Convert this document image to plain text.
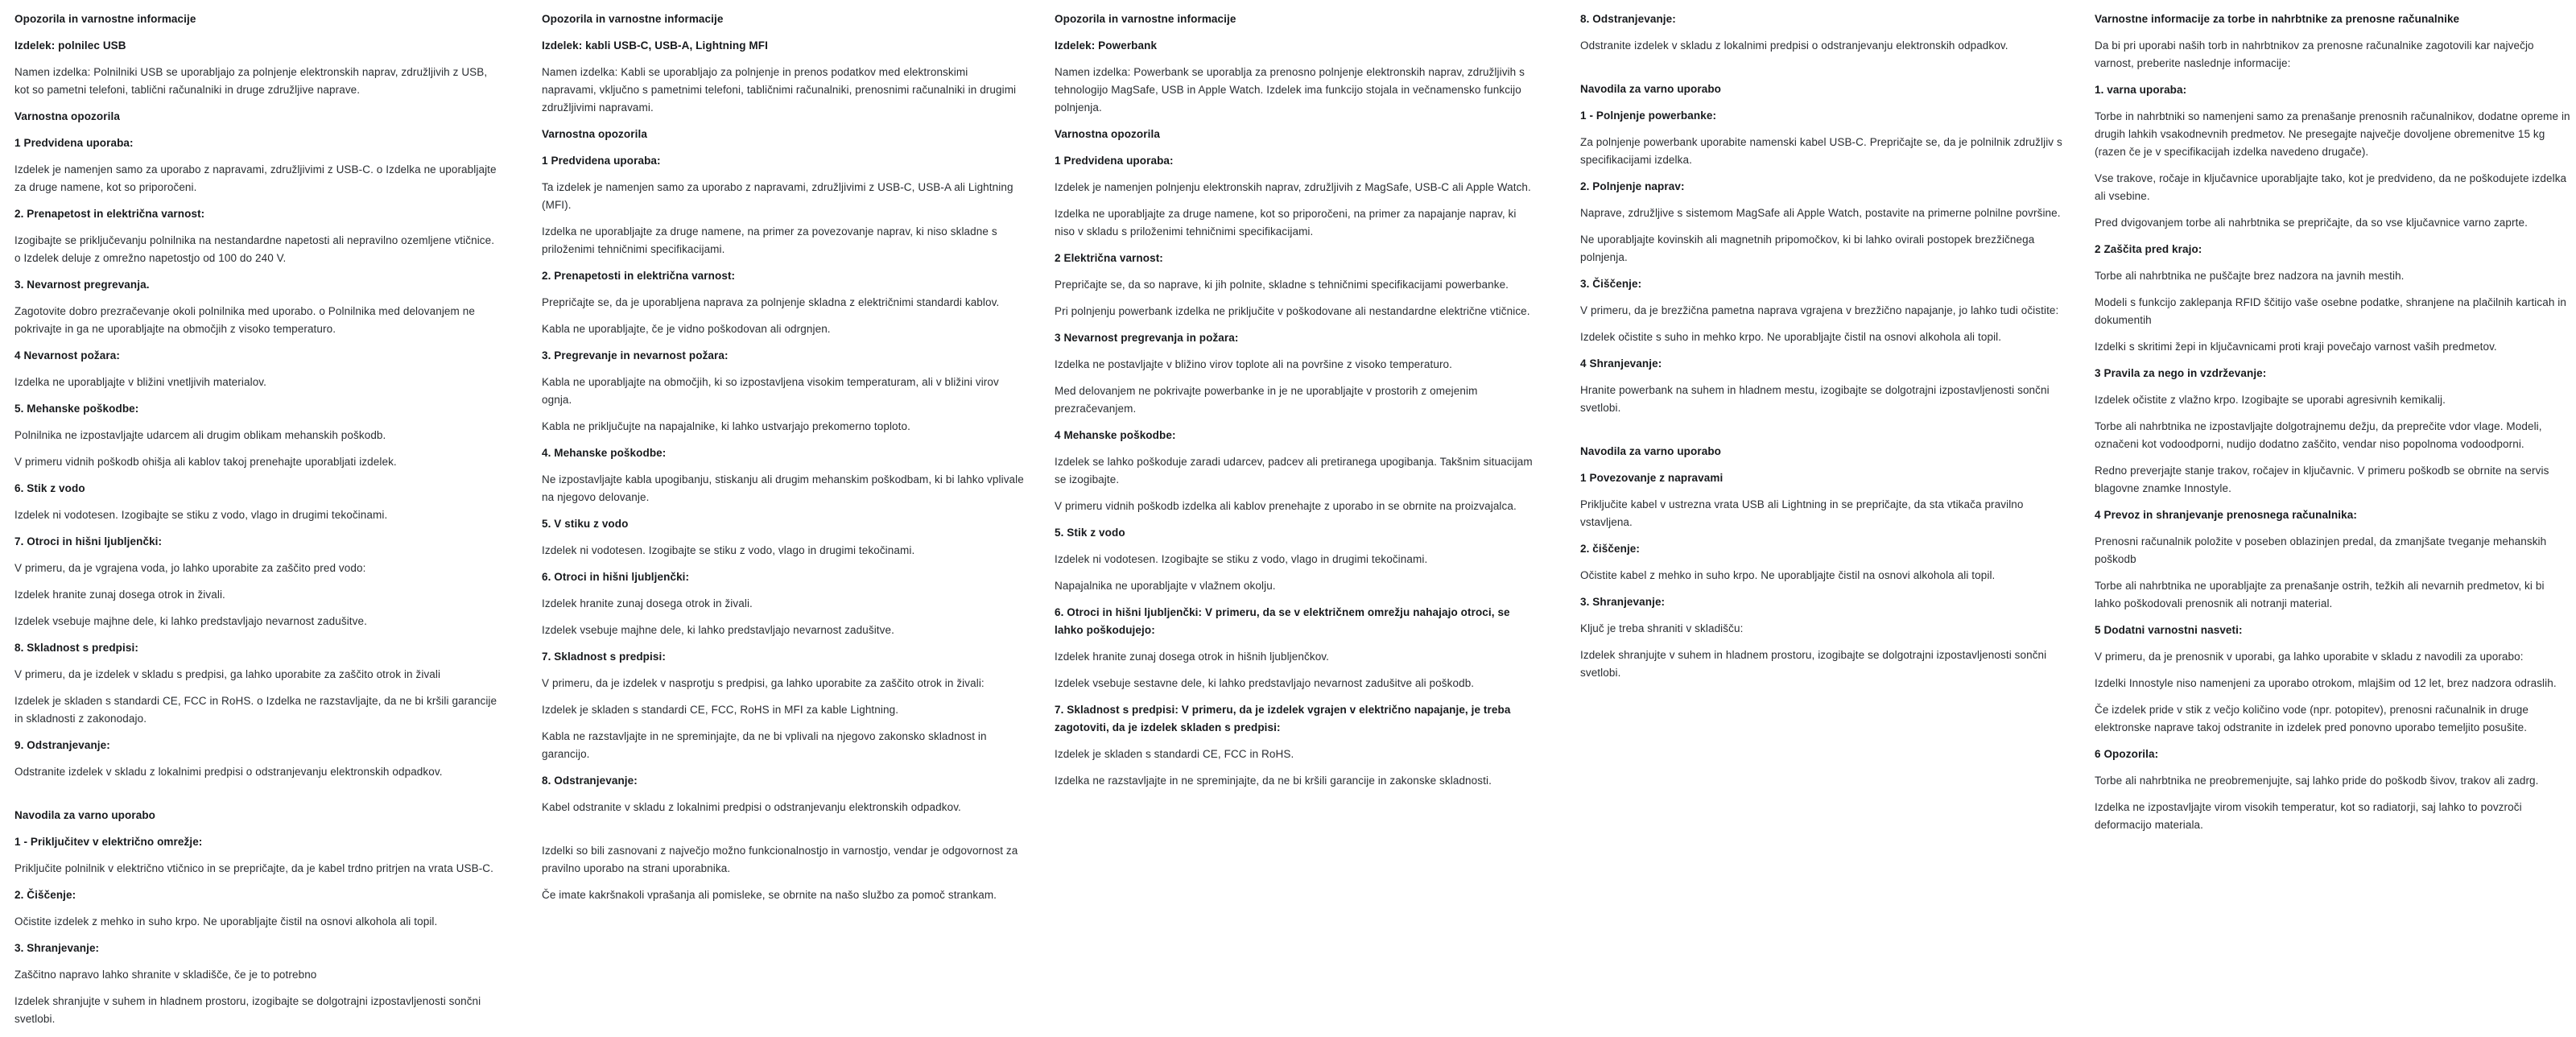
Opozorila in varnostne informacije
Izdelek: polnilec USB
Namen izdelka: Polnilniki USB se uporabljajo za polnjenje elektronskih naprav, združljivih z USB, kot so pametni telefoni, tablični računalniki in druge združljive naprave.
Varnostna opozorila
1 Predvidena uporaba:
Izdelek je namenjen samo za uporabo z napravami, združljivimi z USB-C. o Izdelka ne uporabljajte za druge namene, kot so priporočeni.
2. Prenapetost in električna varnost:
Izogibajte se priključevanju polnilnika na nestandardne napetosti ali nepravilno ozemljene vtičnice. o Izdelek deluje z omrežno napetostjo od 100 do 240 V.
3. Nevarnost pregrevanja.
Zagotovite dobro prezračevanje okoli polnilnika med uporabo. o Polnilnika med delovanjem ne pokrivajte in ga ne uporabljajte na območjih z visoko temperaturo.
4 Nevarnost požara:
Izdelka ne uporabljajte v bližini vnetljivih materialov.
5. Mehanske poškodbe:
Polnilnika ne izpostavljajte udarcem ali drugim oblikam mehanskih poškodb.
V primeru vidnih poškodb ohišja ali kablov takoj prenehajte uporabljati izdelek.
6. Stik z vodo
Izdelek ni vodotesen. Izogibajte se stiku z vodo, vlago in drugimi tekočinami.
7. Otroci in hišni ljubljenčki:
V primeru, da je vgrajena voda, jo lahko uporabite za zaščito pred vodo:
Izdelek hranite zunaj dosega otrok in živali.
Izdelek vsebuje majhne dele, ki lahko predstavljajo nevarnost zadušitve.
8. Skladnost s predpisi:
V primeru, da je izdelek v skladu s predpisi, ga lahko uporabite za zaščito otrok in živali
Izdelek je skladen s standardi CE, FCC in RoHS. o Izdelka ne razstavljajte, da ne bi kršili garancije in skladnosti z zakonodajo.
9. Odstranjevanje:
Odstranite izdelek v skladu z lokalnimi predpisi o odstranjevanju elektronskih odpadkov.
Navodila za varno uporabo
1 - Priključitev v električno omrežje:
Priključite polnilnik v električno vtičnico in se prepričajte, da je kabel trdno pritrjen na vrata USB-C.
2. Čiščenje:
Očistite izdelek z mehko in suho krpo. Ne uporabljajte čistil na osnovi alkohola ali topil.
3. Shranjevanje:
Zaščitno napravo lahko shranite v skladišče, če je to potrebno
Izdelek shranjujte v suhem in hladnem prostoru, izogibajte se dolgotrajni izpostavljenosti sončni svetlobi.
Opozorila in varnostne informacije
Izdelek: kabli USB-C, USB-A, Lightning MFI
Namen izdelka: Kabli se uporabljajo za polnjenje in prenos podatkov med elektronskimi napravami, vključno s pametnimi telefoni, tabličnimi računalniki, prenosnimi računalniki in drugimi združljivimi napravami.
Varnostna opozorila
1 Predvidena uporaba:
Ta izdelek je namenjen samo za uporabo z napravami, združljivimi z USB-C, USB-A ali Lightning (MFI).
Izdelka ne uporabljajte za druge namene, na primer za povezovanje naprav, ki niso skladne s priloženimi tehničnimi specifikacijami.
2. Prenapetosti in električna varnost:
Prepričajte se, da je uporabljena naprava za polnjenje skladna z električnimi standardi kablov.
Kabla ne uporabljajte, če je vidno poškodovan ali odrgnjen.
3. Pregrevanje in nevarnost požara:
Kabla ne uporabljajte na območjih, ki so izpostavljena visokim temperaturam, ali v bližini virov ognja.
Kabla ne priključujte na napajalnike, ki lahko ustvarjajo prekomerno toploto.
4. Mehanske poškodbe:
Ne izpostavljajte kabla upogibanju, stiskanju ali drugim mehanskim poškodbam, ki bi lahko vplivale na njegovo delovanje.
5. V stiku z vodo
Izdelek ni vodotesen. Izogibajte se stiku z vodo, vlago in drugimi tekočinami.
6. Otroci in hišni ljubljenčki:
Izdelek hranite zunaj dosega otrok in živali.
Izdelek vsebuje majhne dele, ki lahko predstavljajo nevarnost zadušitve.
7. Skladnost s predpisi:
V primeru, da je izdelek v nasprotju s predpisi, ga lahko uporabite za zaščito otrok in živali:
Izdelek je skladen s standardi CE, FCC, RoHS in MFI za kable Lightning.
Kabla ne razstavljajte in ne spreminjajte, da ne bi vplivali na njegovo zakonsko skladnost in garancijo.
8. Odstranjevanje:
Kabel odstranite v skladu z lokalnimi predpisi o odstranjevanju elektronskih odpadkov.
Izdelki so bili zasnovani z največjo možno funkcionalnostjo in varnostjo, vendar je odgovornost za pravilno uporabo na strani uporabnika.
Če imate kakršnakoli vprašanja ali pomisleke, se obrnite na našo službo za pomoč strankam.
Opozorila in varnostne informacije
Izdelek: Powerbank
Namen izdelka: Powerbank se uporablja za prenosno polnjenje elektronskih naprav, združljivih s tehnologijo MagSafe, USB in Apple Watch. Izdelek ima funkcijo stojala in večnamensko funkcijo polnjenja.
Varnostna opozorila
1 Predvidena uporaba:
Izdelek je namenjen polnjenju elektronskih naprav, združljivih z MagSafe, USB-C ali Apple Watch.
Izdelka ne uporabljajte za druge namene, kot so priporočeni, na primer za napajanje naprav, ki niso v skladu s priloženimi tehničnimi specifikacijami.
2 Električna varnost:
Prepričajte se, da so naprave, ki jih polnite, skladne s tehničnimi specifikacijami powerbanke.
Pri polnjenju powerbank izdelka ne priključite v poškodovane ali nestandardne električne vtičnice.
3 Nevarnost pregrevanja in požara:
Izdelka ne postavljajte v bližino virov toplote ali na površine z visoko temperaturo.
Med delovanjem ne pokrivajte powerbanke in je ne uporabljajte v prostorih z omejenim prezračevanjem.
4 Mehanske poškodbe:
Izdelek se lahko poškoduje zaradi udarcev, padcev ali pretiranega upogibanja. Takšnim situacijam se izogibajte.
V primeru vidnih poškodb izdelka ali kablov prenehajte z uporabo in se obrnite na proizvajalca.
5. Stik z vodo
Izdelek ni vodotesen. Izogibajte se stiku z vodo, vlago in drugimi tekočinami.
Napajalnika ne uporabljajte v vlažnem okolju.
6. Otroci in hišni ljubljenčki: V primeru, da se v električnem omrežju nahajajo otroci, se lahko poškodujejo:
Izdelek hranite zunaj dosega otrok in hišnih ljubljenčkov.
Izdelek vsebuje sestavne dele, ki lahko predstavljajo nevarnost zadušitve ali poškodb.
7. Skladnost s predpisi: V primeru, da je izdelek vgrajen v električno napajanje, je treba zagotoviti, da je izdelek skladen s predpisi:
Izdelek je skladen s standardi CE, FCC in RoHS.
Izdelka ne razstavljajte in ne spreminjajte, da ne bi kršili garancije in zakonske skladnosti.
8. Odstranjevanje:
Odstranite izdelek v skladu z lokalnimi predpisi o odstranjevanju elektronskih odpadkov.
Navodila za varno uporabo
1 - Polnjenje powerbanke:
Za polnjenje powerbank uporabite namenski kabel USB-C. Prepričajte se, da je polnilnik združljiv s specifikacijami izdelka.
2. Polnjenje naprav:
Naprave, združljive s sistemom MagSafe ali Apple Watch, postavite na primerne polnilne površine.
Ne uporabljajte kovinskih ali magnetnih pripomočkov, ki bi lahko ovirali postopek brezžičnega polnjenja.
3. Čiščenje:
V primeru, da je brezžična pametna naprava vgrajena v brezžično napajanje, jo lahko tudi očistite:
Izdelek očistite s suho in mehko krpo. Ne uporabljajte čistil na osnovi alkohola ali topil.
4 Shranjevanje:
Hranite powerbank na suhem in hladnem mestu, izogibajte se dolgotrajni izpostavljenosti sončni svetlobi.
Navodila za varno uporabo
1 Povezovanje z napravami
Priključite kabel v ustrezna vrata USB ali Lightning in se prepričajte, da sta vtikača pravilno vstavljena.
2. čiščenje:
Očistite kabel z mehko in suho krpo. Ne uporabljajte čistil na osnovi alkohola ali topil.
3. Shranjevanje:
Ključ je treba shraniti v skladišču:
Izdelek shranjujte v suhem in hladnem prostoru, izogibajte se dolgotrajni izpostavljenosti sončni svetlobi.
Varnostne informacije za torbe in nahrbtnike za prenosne računalnike
Da bi pri uporabi naših torb in nahrbtnikov za prenosne računalnike zagotovili kar največjo varnost, preberite naslednje informacije:
1. varna uporaba:
Torbe in nahrbtniki so namenjeni samo za prenašanje prenosnih računalnikov, dodatne opreme in drugih lahkih vsakodnevnih predmetov. Ne presegajte največje dovoljene obremenitve 15 kg (razen če je v specifikacijah izdelka navedeno drugače).
Vse trakove, ročaje in ključavnice uporabljajte tako, kot je predvideno, da ne poškodujete izdelka ali vsebine.
Pred dvigovanjem torbe ali nahrbtnika se prepričajte, da so vse ključavnice varno zaprte.
2 Zaščita pred krajo:
Torbe ali nahrbtnika ne puščajte brez nadzora na javnih mestih.
Modeli s funkcijo zaklepanja RFID ščitijo vaše osebne podatke, shranjene na plačilnih karticah in dokumentih
Izdelki s skritimi žepi in ključavnicami proti kraji povečajo varnost vaših predmetov.
3 Pravila za nego in vzdrževanje:
Izdelek očistite z vlažno krpo. Izogibajte se uporabi agresivnih kemikalij.
Torbe ali nahrbtnika ne izpostavljajte dolgotrajnemu dežju, da preprečite vdor vlage. Modeli, označeni kot vodoodporni, nudijo dodatno zaščito, vendar niso popolnoma vodoodporni.
Redno preverjajte stanje trakov, ročajev in ključavnic. V primeru poškodb se obrnite na servis blagovne znamke Innostyle.
4 Prevoz in shranjevanje prenosnega računalnika:
Prenosni računalnik položite v poseben oblazinjen predal, da zmanjšate tveganje mehanskih poškodb
Torbe ali nahrbtnika ne uporabljajte za prenašanje ostrih, težkih ali nevarnih predmetov, ki bi lahko poškodovali prenosnik ali notranji material.
5 Dodatni varnostni nasveti:
V primeru, da je prenosnik v uporabi, ga lahko uporabite v skladu z navodili za uporabo:
Izdelki Innostyle niso namenjeni za uporabo otrokom, mlajšim od 12 let, brez nadzora odraslih.
Če izdelek pride v stik z večjo količino vode (npr. potopitev), prenosni računalnik in druge elektronske naprave takoj odstranite in izdelek pred ponovno uporabo temeljito posušite.
6 Opozorila:
Torbe ali nahrbtnika ne preobremenjujte, saj lahko pride do poškodb šivov, trakov ali zadrg.
Izdelka ne izpostavljajte virom visokih temperatur, kot so radiatorji, saj lahko to povzroči deformacijo materiala.
